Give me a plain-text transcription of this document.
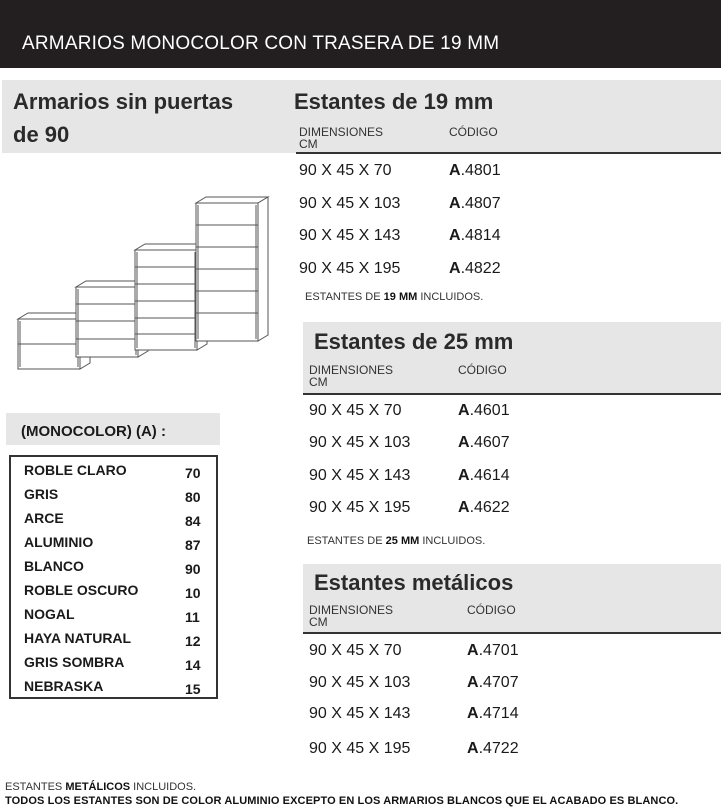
ARMARIOS MONOCOLOR CON TRASERA DE 19 MM
Armarios sin puertas
de 90
Estantes de 19 mm
DIMENSIONES
CM
CÓDIGO
90 X 45 X 70	A.4801
90 X 45 X 103	A.4807
90 X 45 X 143	A.4814
90 X 45 X 195	A.4822
ESTANTES DE 19 MM INCLUIDOS.
Estantes de 25 mm
DIMENSIONES
CM
CÓDIGO
90 X 45 X 70	A.4601
90 X 45 X 103	A.4607
90 X 45 X 143	A.4614
90 X 45 X 195	A.4622
ESTANTES DE 25 MM INCLUIDOS.
Estantes metálicos
DIMENSIONES
CM
CÓDIGO
90 X 45 X 70	A.4701
90 X 45 X 103	A.4707
90 X 45 X 143	A.4714
90 X 45 X 195	A.4722
(MONOCOLOR) (A) :
ROBLE CLARO	70
GRIS	80
ARCE	84
ALUMINIO	87
BLANCO	90
ROBLE OSCURO	10
NOGAL	11
HAYA NATURAL	12
GRIS SOMBRA	14
NEBRASKA	15
ESTANTES METÁLICOS INCLUIDOS.
TODOS LOS ESTANTES SON DE COLOR ALUMINIO EXCEPTO EN LOS ARMARIOS BLANCOS QUE EL ACABADO ES BLANCO.
